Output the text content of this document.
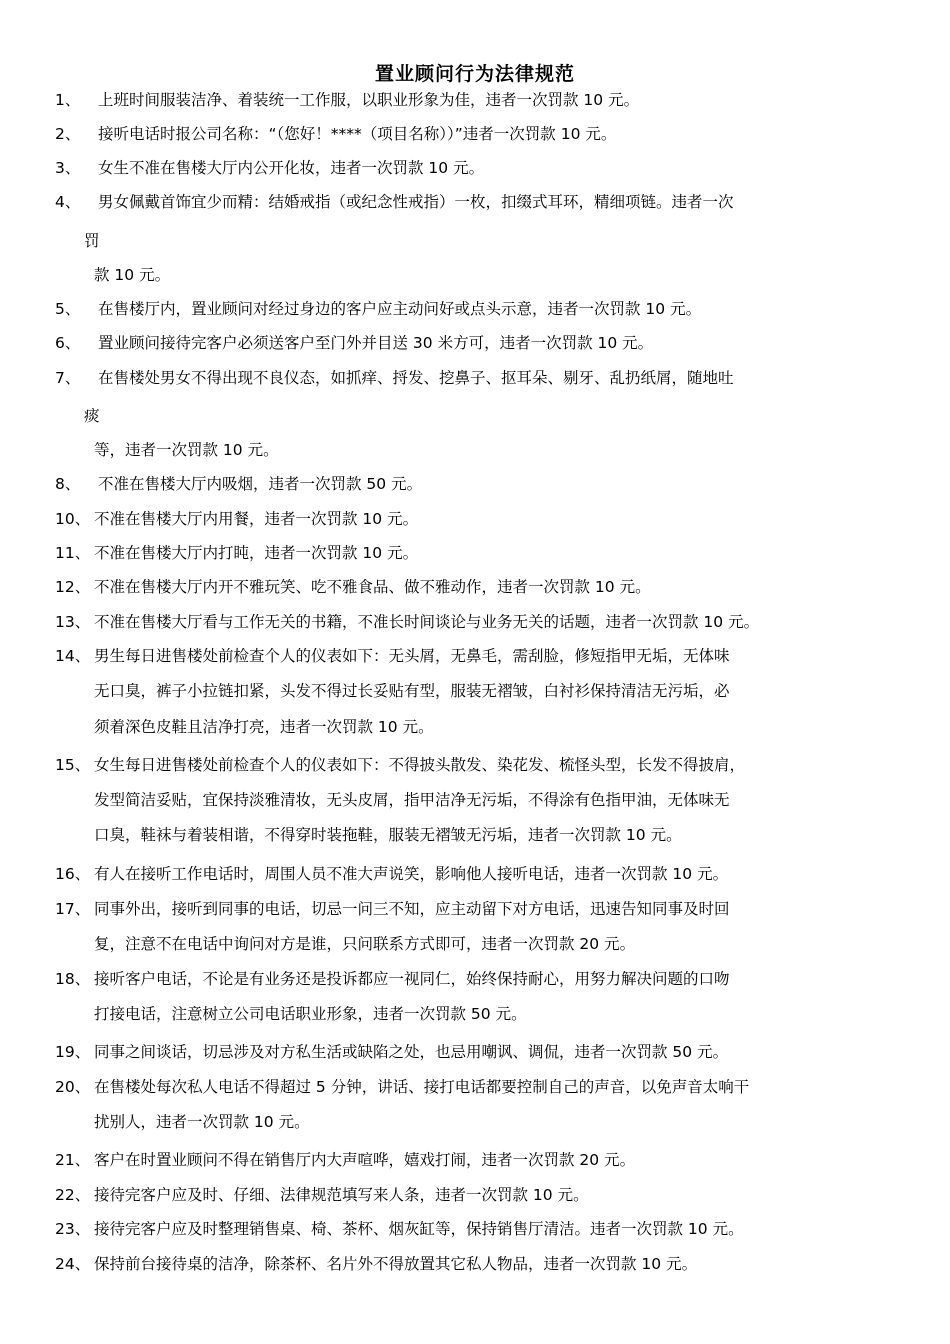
置业顾问行为法律规范
1、 上班时间服装洁净、着装统一工作服，以职业形象为佳，违者一次罚款 10 元。
2、 接听电话时报公司名称：“（您好！****（项目名称））”违者一次罚款 10 元。
3、 女生不准在售楼大厅内公开化妆，违者一次罚款 10 元。
4、 男女佩戴首饰宜少而精：结婚戒指（或纪念性戒指）一枚，扣缀式耳环，精细项链。违者一次
罚
款 10 元。
5、 在售楼厅内，置业顾问对经过身边的客户应主动问好或点头示意，违者一次罚款 10 元。
6、 置业顾问接待完客户必须送客户至门外并目送 30 米方可，违者一次罚款 10 元。
7、 在售楼处男女不得出现不良仪态，如抓痒、捋发、挖鼻子、抠耳朵、剔牙、乱扔纸屑，随地吐
痰
等，违者一次罚款 10 元。
8、 不准在售楼大厅内吸烟，违者一次罚款 50 元。
10、 不准在售楼大厅内用餐，违者一次罚款 10 元。
11、 不准在售楼大厅内打盹，违者一次罚款 10 元。
12、 不准在售楼大厅内开不雅玩笑、吃不雅食品、做不雅动作，违者一次罚款 10 元。
13、 不准在售楼大厅看与工作无关的书籍，不准长时间谈论与业务无关的话题，违者一次罚款 10 元。
14、 男生每日进售楼处前检查个人的仪表如下：无头屑，无鼻毛，需刮脸，修短指甲无垢，无体味
无口臭，裤子小拉链扣紧，头发不得过长妥贴有型，服装无褶皱，白衬衫保持清洁无污垢，必
须着深色皮鞋且洁净打亮，违者一次罚款 10 元。
15、 女生每日进售楼处前检查个人的仪表如下：不得披头散发、染花发、梳怪头型，长发不得披肩，
发型简洁妥贴，宜保持淡雅清妆，无头皮屑，指甲洁净无污垢，不得涂有色指甲油，无体味无
口臭，鞋袜与着装相谐，不得穿时装拖鞋，服装无褶皱无污垢，违者一次罚款 10 元。
16、 有人在接听工作电话时，周围人员不准大声说笑，影响他人接听电话，违者一次罚款 10 元。
17、 同事外出，接听到同事的电话，切忌一问三不知，应主动留下对方电话，迅速告知同事及时回
复，注意不在电话中询问对方是谁，只问联系方式即可，违者一次罚款 20 元。
18、 接听客户电话，不论是有业务还是投诉都应一视同仁，始终保持耐心，用努力解决问题的口吻
打接电话，注意树立公司电话职业形象，违者一次罚款 50 元。
19、 同事之间谈话，切忌涉及对方私生活或缺陷之处，也忌用嘲讽、调侃，违者一次罚款 50 元。
20、 在售楼处每次私人电话不得超过 5 分钟，讲话、接打电话都要控制自己的声音，以免声音太响干
扰别人，违者一次罚款 10 元。
21、 客户在时置业顾问不得在销售厅内大声喧哗，嬉戏打闹，违者一次罚款 20 元。
22、 接待完客户应及时、仔细、法律规范填写来人条，违者一次罚款 10 元。
23、 接待完客户应及时整理销售桌、椅、茶杯、烟灰缸等，保持销售厅清洁。违者一次罚款 10 元。
24、 保持前台接待桌的洁净，除茶杯、名片外不得放置其它私人物品，违者一次罚款 10 元。
